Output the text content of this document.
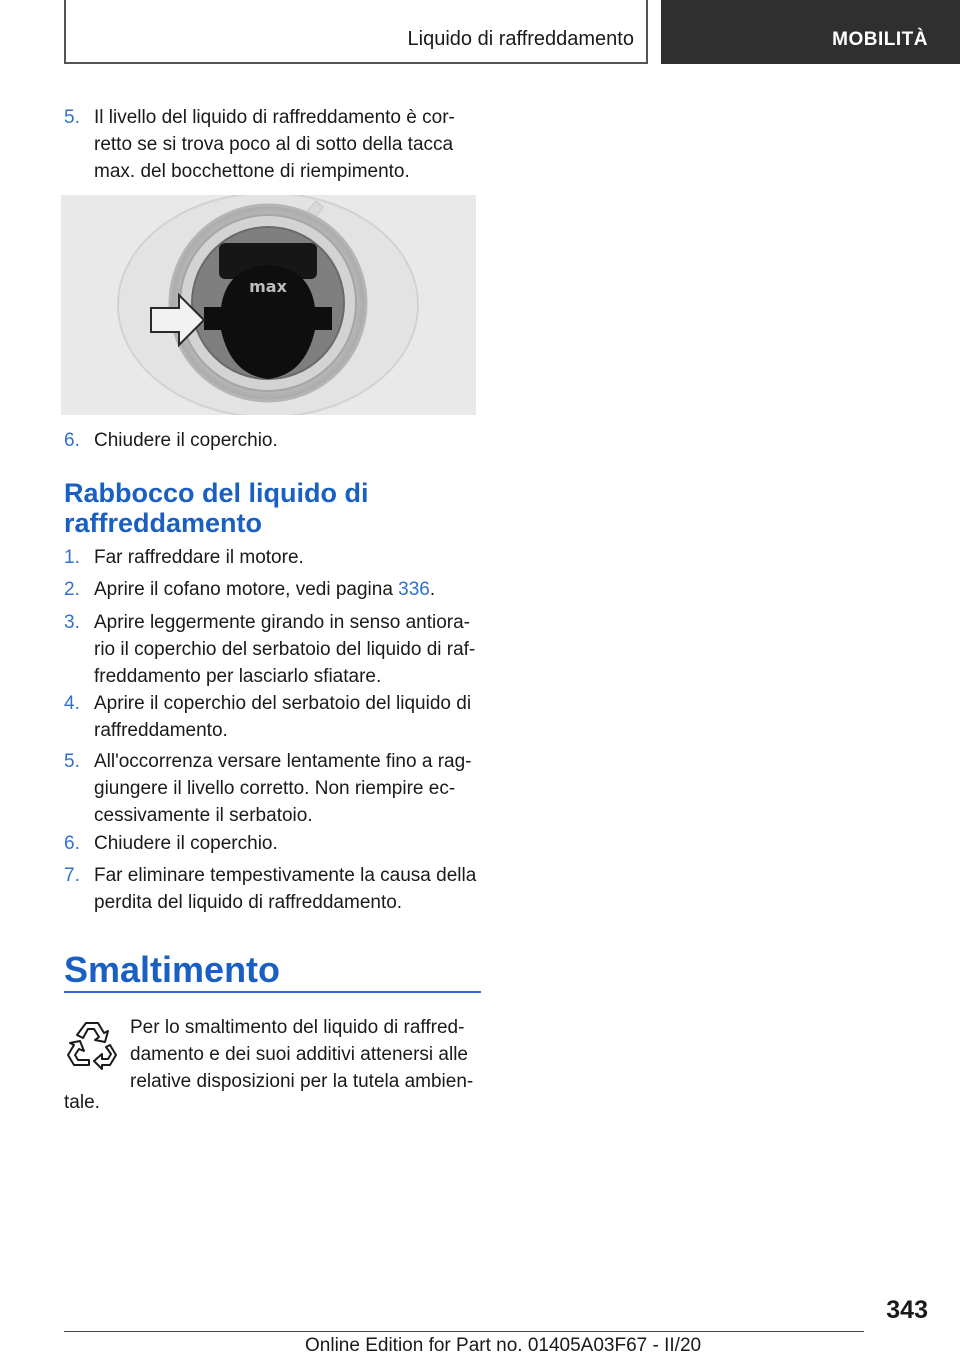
Liquido di raffreddamento	MOBILITÀ
5. Il livello del liquido di raffreddamento è cor- retto se si trova poco al di sotto della tacca max. del bocchettone di riempimento.
max
6. Chiudere il coperchio.
Rabbocco del liquido di raffreddamento
1. Far raffreddare il motore.
2. Aprire il cofano motore, vedi pagina 336.
3. Aprire leggermente girando in senso antiora- rio il coperchio del serbatoio del liquido di raf- freddamento per lasciarlo sfiatare.
4. Aprire il coperchio del serbatoio del liquido di raffreddamento.
5. All'occorrenza versare lentamente fino a rag- giungere il livello corretto. Non riempire ec- cessivamente il serbatoio.
6. Chiudere il coperchio.
7. Far eliminare tempestivamente la causa della perdita del liquido di raffreddamento.
Smaltimento
Per lo smaltimento del liquido di raffred- damento e dei suoi additivi attenersi alle relative disposizioni per la tutela ambien-
tale.
343
Online Edition for Part no. 01405A03F67 - II/20
